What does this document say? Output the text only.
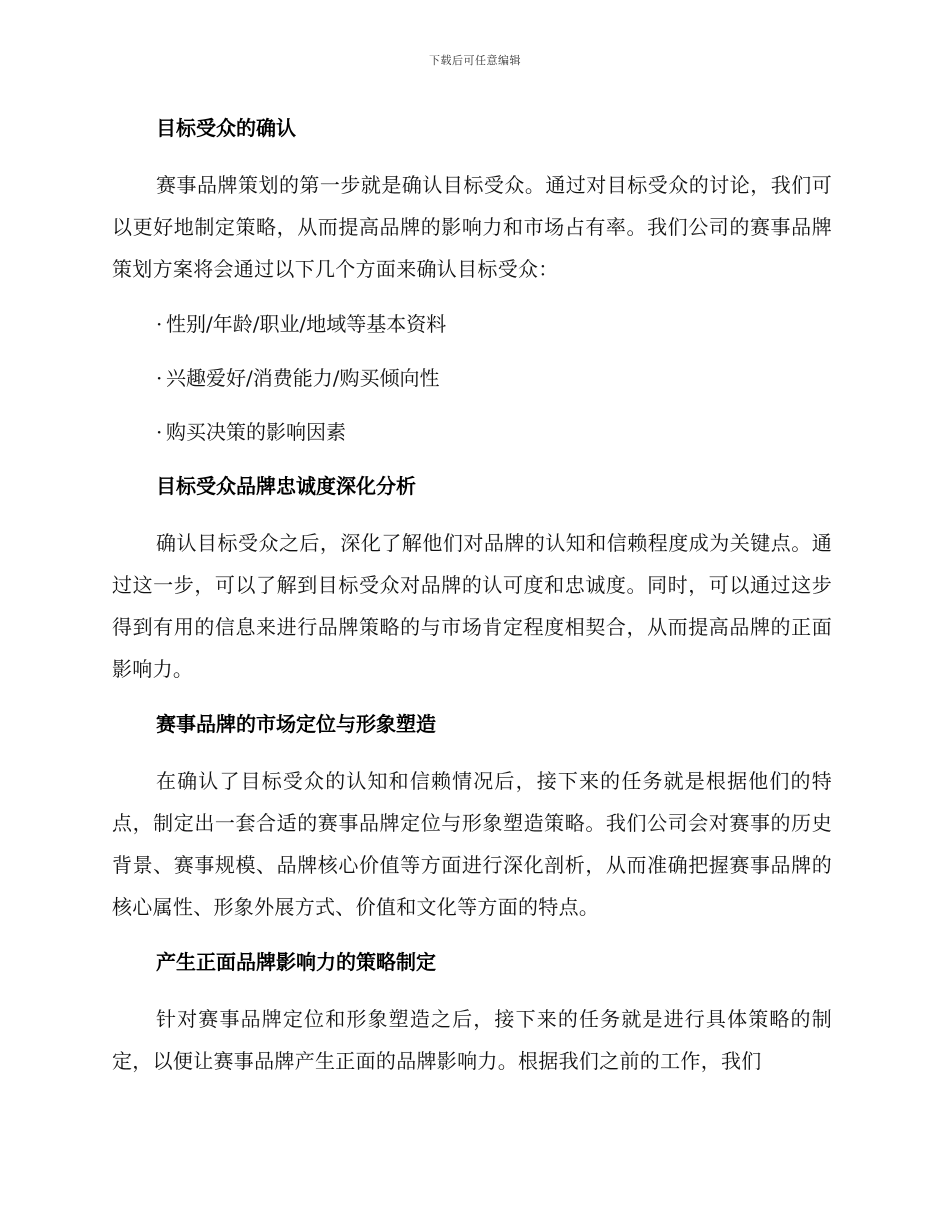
下载后可任意编辑
目标受众的确认

赛事品牌策划的第一步就是确认目标受众。通过对目标受众的讨论，我们可以更好地制定策略，从而提高品牌的影响力和市场占有率。我们公司的赛事品牌策划方案将会通过以下几个方面来确认目标受众：

· 性别/年龄/职业/地域等基本资料
· 兴趣爱好/消费能力/购买倾向性
· 购买决策的影响因素
目标受众品牌忠诚度深化分析

确认目标受众之后，深化了解他们对品牌的认知和信赖程度成为关键点。通过这一步，可以了解到目标受众对品牌的认可度和忠诚度。同时，可以通过这步得到有用的信息来进行品牌策略的与市场肯定程度相契合，从而提高品牌的正面影响力。

赛事品牌的市场定位与形象塑造

在确认了目标受众的认知和信赖情况后，接下来的任务就是根据他们的特点，制定出一套合适的赛事品牌定位与形象塑造策略。我们公司会对赛事的历史背景、赛事规模、品牌核心价值等方面进行深化剖析，从而准确把握赛事品牌的核心属性、形象外展方式、价值和文化等方面的特点。

产生正面品牌影响力的策略制定

针对赛事品牌定位和形象塑造之后，接下来的任务就是进行具体策略的制定，以便让赛事品牌产生正面的品牌影响力。根据我们之前的工作，我们
